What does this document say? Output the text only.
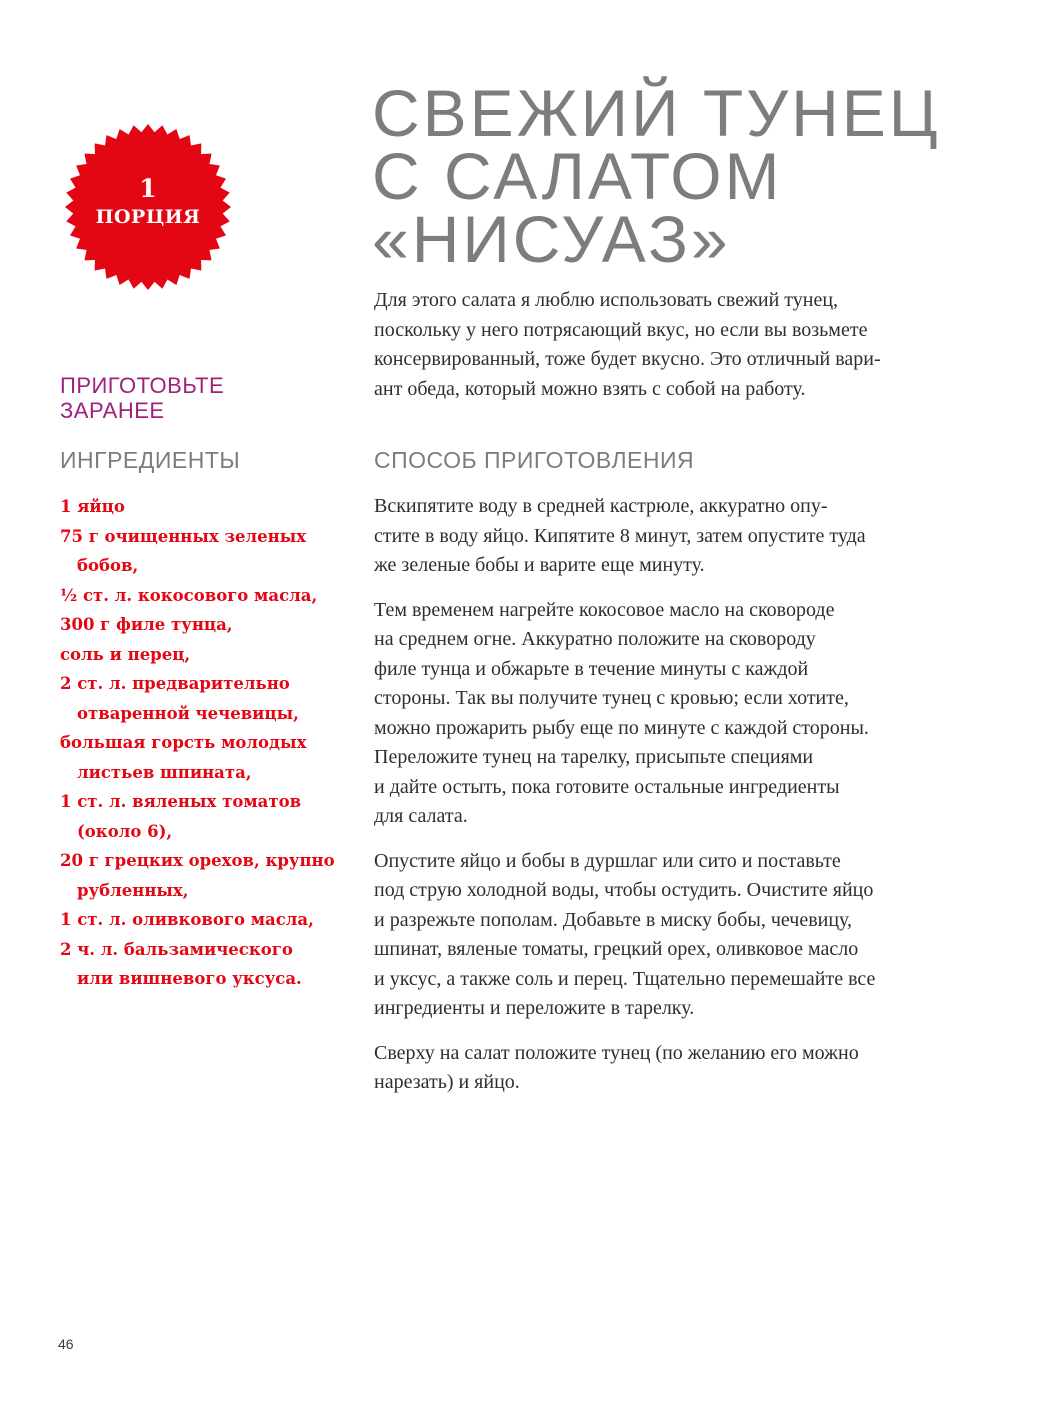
1
ПОРЦИЯ
СВЕЖИЙ ТУНЕЦ
С САЛАТОМ
«НИСУАЗ»
Для этого салата я люблю использовать свежий тунец,
поскольку у него потрясающий вкус, но если вы возьмете
консервированный, тоже будет вкусно. Это отличный вари-
ант обеда, который можно взять с собой на работу.
ПРИГОТОВЬТЕ
ЗАРАНЕЕ
ИНГРЕДИЕНТЫ	СПОСОБ ПРИГОТОВЛЕНИЯ
1 яйцо
75 г очищенных зеленых
бобов,
½ ст. л. кокосового масла,
300 г филе тунца,
соль и перец,
2 ст. л. предварительно
отваренной чечевицы,
большая горсть молодых
листьев шпината,
1 ст. л. вяленых томатов
(около 6),
20 г грецких орехов, крупно
рубленных,
1 ст. л. оливкового масла,
2 ч. л. бальзамического
или вишневого уксуса.

Вскипятите воду в средней кастрюле, аккуратно опу-
стите в воду яйцо. Кипятите 8 минут, затем опустите туда
же зеленые бобы и варите еще минуту.

Тем временем нагрейте кокосовое масло на сковороде
на среднем огне. Аккуратно положите на сковороду
филе тунца и обжарьте в течение минуты с каждой
стороны. Так вы получите тунец с кровью; если хотите,
можно прожарить рыбу еще по минуте с каждой стороны.
Переложите тунец на тарелку, присыпьте специями
и дайте остыть, пока готовите остальные ингредиенты
для салата.

Опустите яйцо и бобы в дуршлаг или сито и поставьте
под струю холодной воды, чтобы остудить. Очистите яйцо
и разрежьте пополам. Добавьте в миску бобы, чечевицу,
шпинат, вяленые томаты, грецкий орех, оливковое масло
и уксус, а также соль и перец. Тщательно перемешайте все
ингредиенты и переложите в тарелку.

Сверху на салат положите тунец (по желанию его можно
нарезать) и яйцо.

46
